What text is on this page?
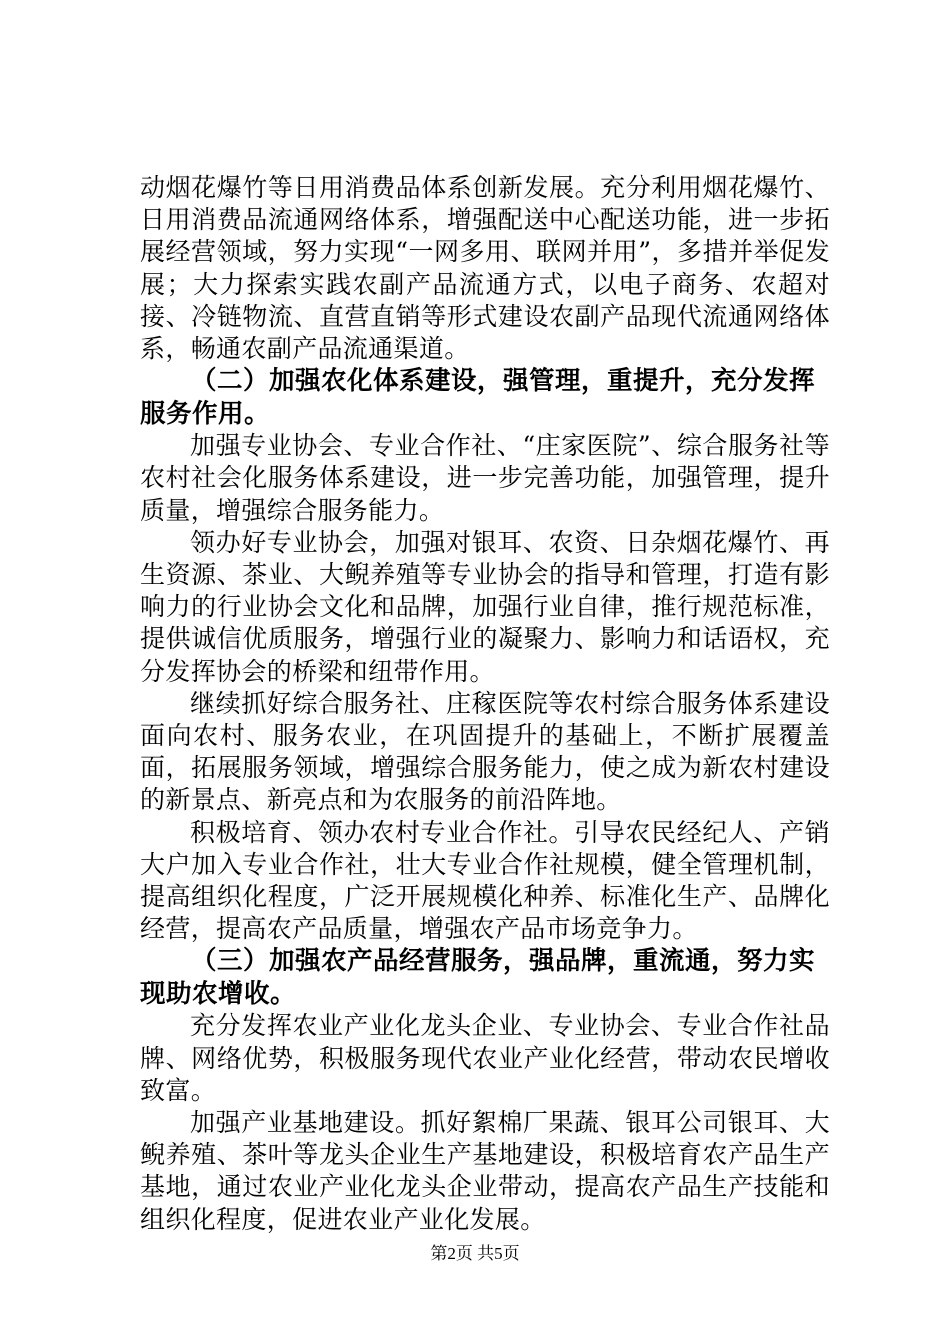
动烟花爆竹等日用消费品体系创新发展。充分利用烟花爆竹、日用消费品流通网络体系，增强配送中心配送功能，进一步拓展经营领域，努力实现“一网多用、联网并用”，多措并举促发展；大力探索实践农副产品流通方式，以电子商务、农超对接、冷链物流、直营直销等形式建设农副产品现代流通网络体系，畅通农副产品流通渠道。

（二）加强农化体系建设，强管理，重提升，充分发挥服务作用。

加强专业协会、专业合作社、“庄家医院”、综合服务社等农村社会化服务体系建设，进一步完善功能，加强管理，提升质量，增强综合服务能力。

领办好专业协会，加强对银耳、农资、日杂烟花爆竹、再生资源、茶业、大鲵养殖等专业协会的指导和管理，打造有影响力的行业协会文化和品牌，加强行业自律，推行规范标准，提供诚信优质服务，增强行业的凝聚力、影响力和话语权，充分发挥协会的桥梁和纽带作用。

继续抓好综合服务社、庄稼医院等农村综合服务体系建设面向农村、服务农业，在巩固提升的基础上，不断扩展覆盖面，拓展服务领域，增强综合服务能力，使之成为新农村建设的新景点、新亮点和为农服务的前沿阵地。

积极培育、领办农村专业合作社。引导农民经纪人、产销大户加入专业合作社，壮大专业合作社规模，健全管理机制，提高组织化程度，广泛开展规模化种养、标准化生产、品牌化经营，提高农产品质量，增强农产品市场竞争力。

（三）加强农产品经营服务，强品牌，重流通，努力实现助农增收。

充分发挥农业产业化龙头企业、专业协会、专业合作社品牌、网络优势，积极服务现代农业产业化经营，带动农民增收致富。

加强产业基地建设。抓好絮棉厂果蔬、银耳公司银耳、大鲵养殖、茶叶等龙头企业生产基地建设，积极培育农产品生产基地，通过农业产业化龙头企业带动，提高农产品生产技能和组织化程度，促进农业产业化发展。

第2页 共5页
